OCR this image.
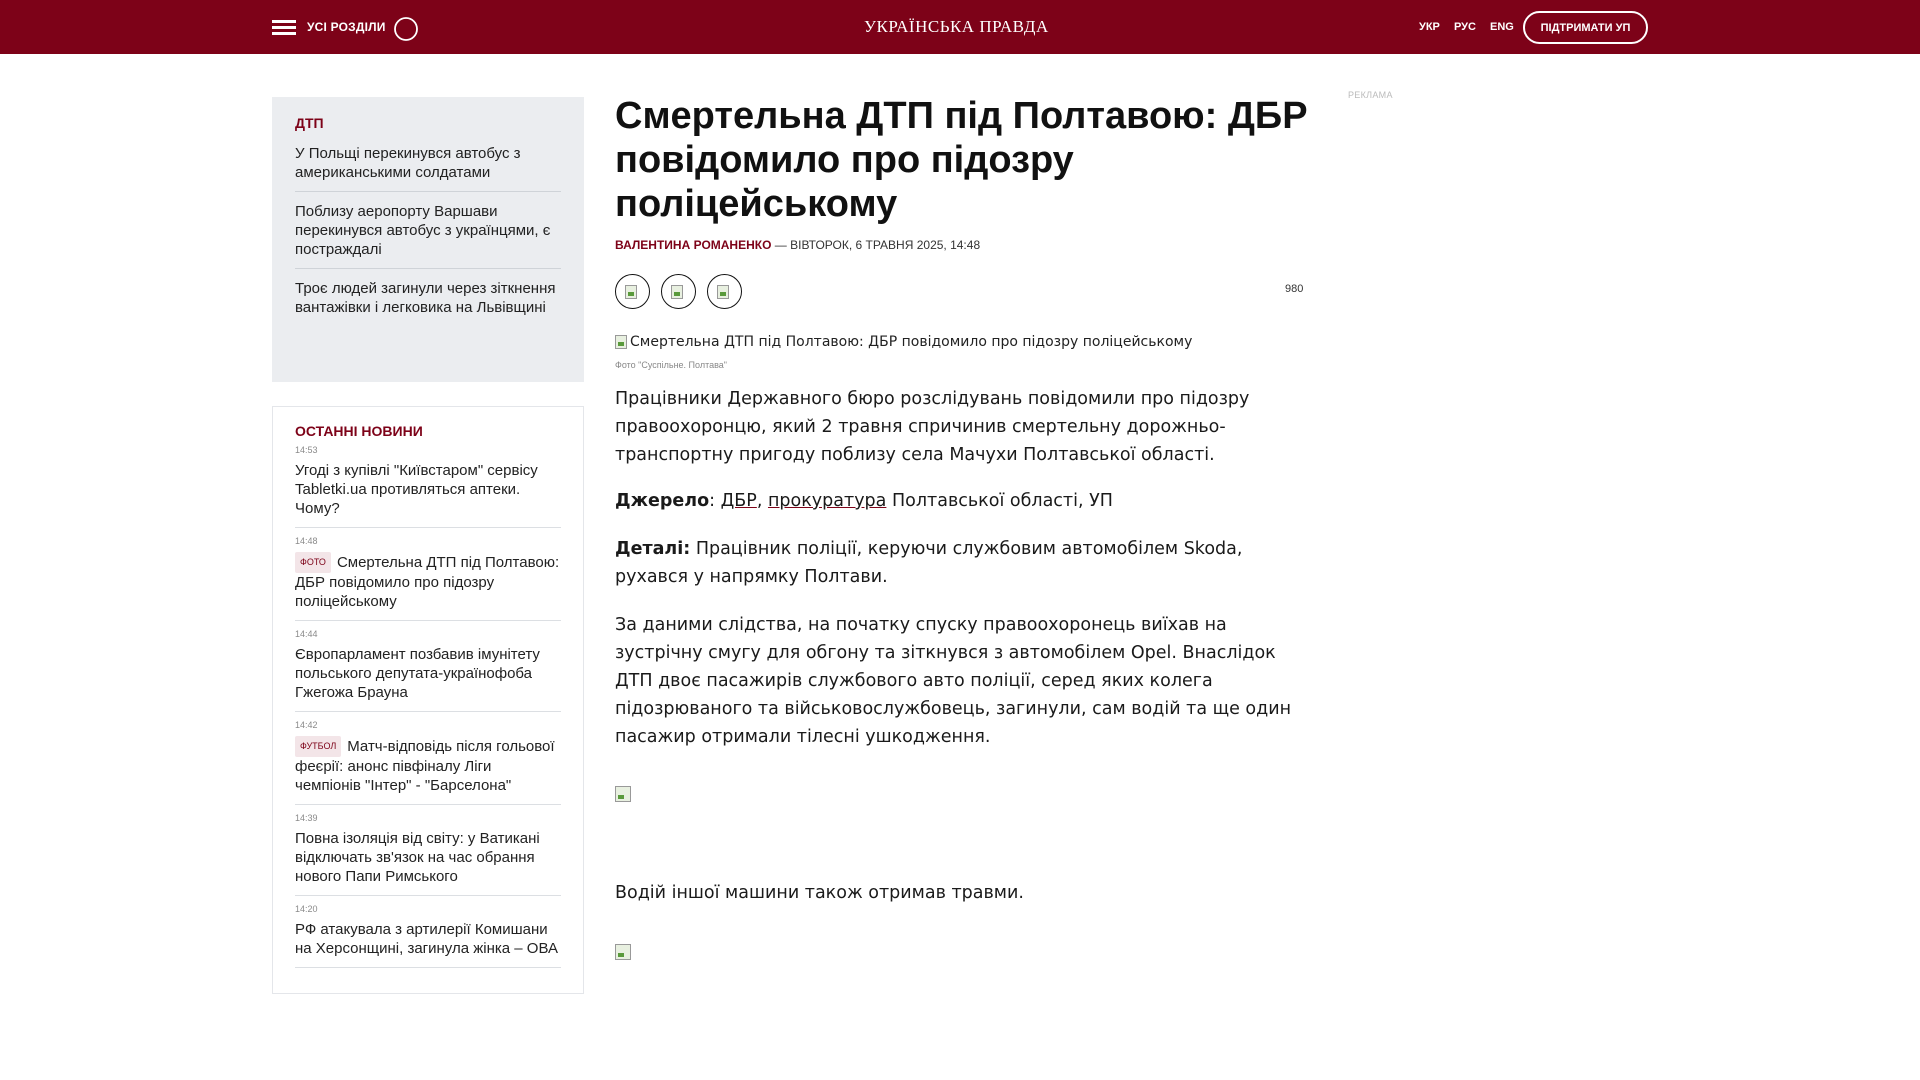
УСІ РОЗДІЛИ	УКРАЇНСЬКА ПРАВДА	УКР РУС ENG	ПІДТРИМАТИ УП
ДТП
У Польщі перекинувся автобус з американськими солдатами
Поблизу аеропорту Варшави перекинувся автобус з українцями, є постраждалі
Троє людей загинули через зіткнення вантажівки і легковика на Львівщині
ОСТАННІ НОВИНИ
14:53
Угоді з купівлі "Київстаром" сервісу Tabletki.ua противляться аптеки. Чому?
14:48
ФОТО Смертельна ДТП під Полтавою: ДБР повідомило про підозру поліцейському
14:44
Європарламент позбавив імунітету польського депутата-українофоба Гжегожа Брауна
14:42
ФУТБОЛ Матч-відповідь після гольової феєрії: анонс півфіналу Ліги чемпіонів "Інтер" - "Барселона"
14:39
Повна ізоляція від світу: у Ватикані відключать зв'язок на час обрання нового Папи Римського
14:20
РФ атакувала з артилерії Комишани на Херсонщині, загинула жінка – ОВА
Смертельна ДТП під Полтавою: ДБР повідомило про підозру поліцейському
ВАЛЕНТИНА РОМАНЕНКО — ВІВТОРОК, 6 ТРАВНЯ 2025, 14:48
980
Смертельна ДТП під Полтавою: ДБР повідомило про підозру поліцейському
Фото "Суспільне. Полтава"

Працівники Державного бюро розслідувань повідомили про підозру правоохоронцю, який 2 травня спричинив смертельну дорожньо-транспортну пригоду поблизу села Мачухи Полтавської області.

Джерело: ДБР, прокуратура Полтавської області, УП

Деталі: Працівник поліції, керуючи службовим автомобілем Skoda, рухався у напрямку Полтави.

За даними слідства, на початку спуску правоохоронець виїхав на зустрічну смугу для обгону та зіткнувся з автомобілем Opel. Внаслідок ДТП двоє пасажирів службового авто поліції, серед яких колега підозрюваного та військовослужбовець, загинули, сам водій та ще один пасажир отримали тілесні ушкодження.

Водій іншої машини також отримав травми.

РЕКЛАМА
